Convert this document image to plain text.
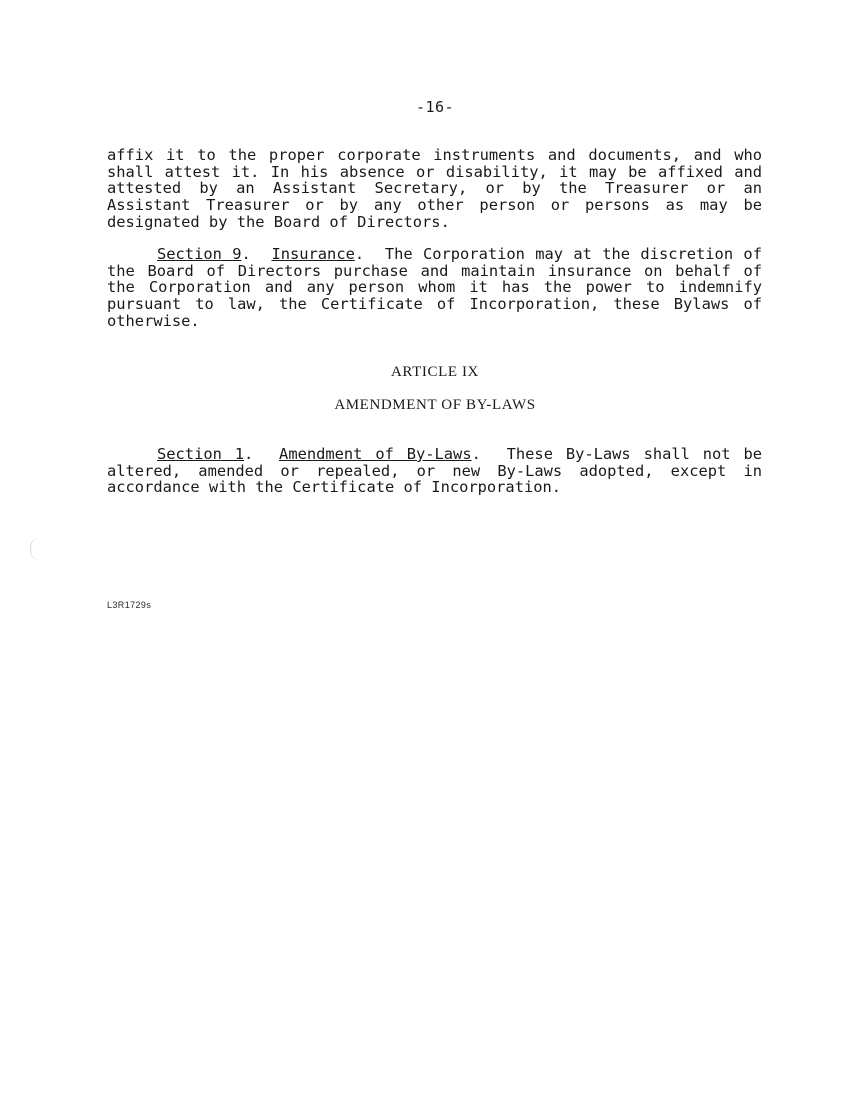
-16-

affix it to the proper corporate instruments and documents, and who shall attest it. In his absence or disability, it may be affixed and attested by an Assistant Secretary, or by the Treasurer or an Assistant Treasurer or by any other person or persons as may be designated by the Board of Directors.

Section 9.  Insurance.  The Corporation may at the discretion of the Board of Directors purchase and maintain insurance on behalf of the Corporation and any person whom it has the power to indemnify pursuant to law, the Certificate of Incorporation, these Bylaws of otherwise.

ARTICLE IX
AMENDMENT OF BY-LAWS

Section 1.  Amendment of By-Laws.  These By-Laws shall not be altered, amended or repealed, or new By-Laws adopted, except in accordance with the Certificate of Incorporation.

L3R1729s
